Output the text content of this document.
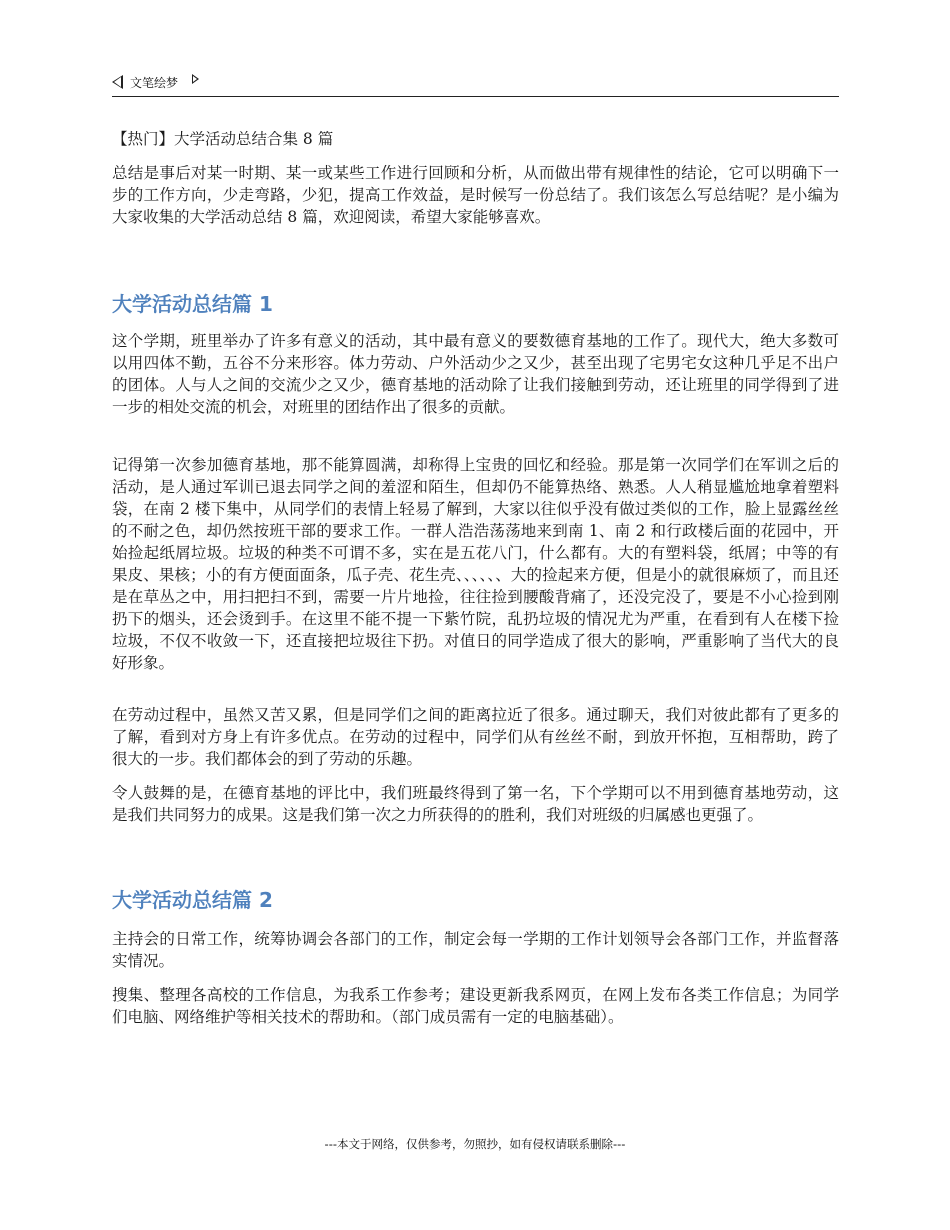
文笔绘梦
【热门】大学活动总结合集 8 篇

总结是事后对某一时期、某一或某些工作进行回顾和分析，从而做出带有规律性的结论，它可以明确下一步的工作方向，少走弯路，少犯，提高工作效益，是时候写一份总结了。我们该怎么写总结呢？是小编为大家收集的大学活动总结 8 篇，欢迎阅读，希望大家能够喜欢。

大学活动总结篇 1

这个学期，班里举办了许多有意义的活动，其中最有意义的要数德育基地的工作了。现代大，绝大多数可以用四体不勤，五谷不分来形容。体力劳动、户外活动少之又少，甚至出现了宅男宅女这种几乎足不出户的团体。人与人之间的交流少之又少，德育基地的活动除了让我们接触到劳动，还让班里的同学得到了进一步的相处交流的机会，对班里的团结作出了很多的贡献。

记得第一次参加德育基地，那不能算圆满，却称得上宝贵的回忆和经验。那是第一次同学们在军训之后的活动，是人通过军训已退去同学之间的羞涩和陌生，但却仍不能算热络、熟悉。人人稍显尴尬地拿着塑料袋，在南 2 楼下集中，从同学们的表情上轻易了解到，大家以往似乎没有做过类似的工作，脸上显露丝丝的不耐之色，却仍然按班干部的要求工作。一群人浩浩荡荡地来到南 1、南 2 和行政楼后面的花园中，开始捡起纸屑垃圾。垃圾的种类不可谓不多，实在是五花八门，什么都有。大的有塑料袋，纸屑；中等的有果皮、果核；小的有方便面面条，瓜子壳、花生壳、、、、、、大的捡起来方便，但是小的就很麻烦了，而且还是在草丛之中，用扫把扫不到，需要一片片地捡，往往捡到腰酸背痛了，还没完没了，要是不小心捡到刚扔下的烟头，还会烫到手。在这里不能不提一下紫竹院，乱扔垃圾的情况尤为严重，在看到有人在楼下捡垃圾，不仅不收敛一下，还直接把垃圾往下扔。对值日的同学造成了很大的影响，严重影响了当代大的良好形象。

在劳动过程中，虽然又苦又累，但是同学们之间的距离拉近了很多。通过聊天，我们对彼此都有了更多的了解，看到对方身上有许多优点。在劳动的过程中，同学们从有丝丝不耐，到放开怀抱，互相帮助，跨了很大的一步。我们都体会的到了劳动的乐趣。

令人鼓舞的是，在德育基地的评比中，我们班最终得到了第一名，下个学期可以不用到德育基地劳动，这是我们共同努力的成果。这是我们第一次之力所获得的的胜利，我们对班级的归属感也更强了。

大学活动总结篇 2

主持会的日常工作，统筹协调会各部门的工作，制定会每一学期的工作计划领导会各部门工作，并监督落实情况。

搜集、整理各高校的工作信息，为我系工作参考；建设更新我系网页，在网上发布各类工作信息；为同学们电脑、网络维护等相关技术的帮助和。（部门成员需有一定的电脑基础）。

---本文于网络，仅供参考，勿照抄，如有侵权请联系删除---
